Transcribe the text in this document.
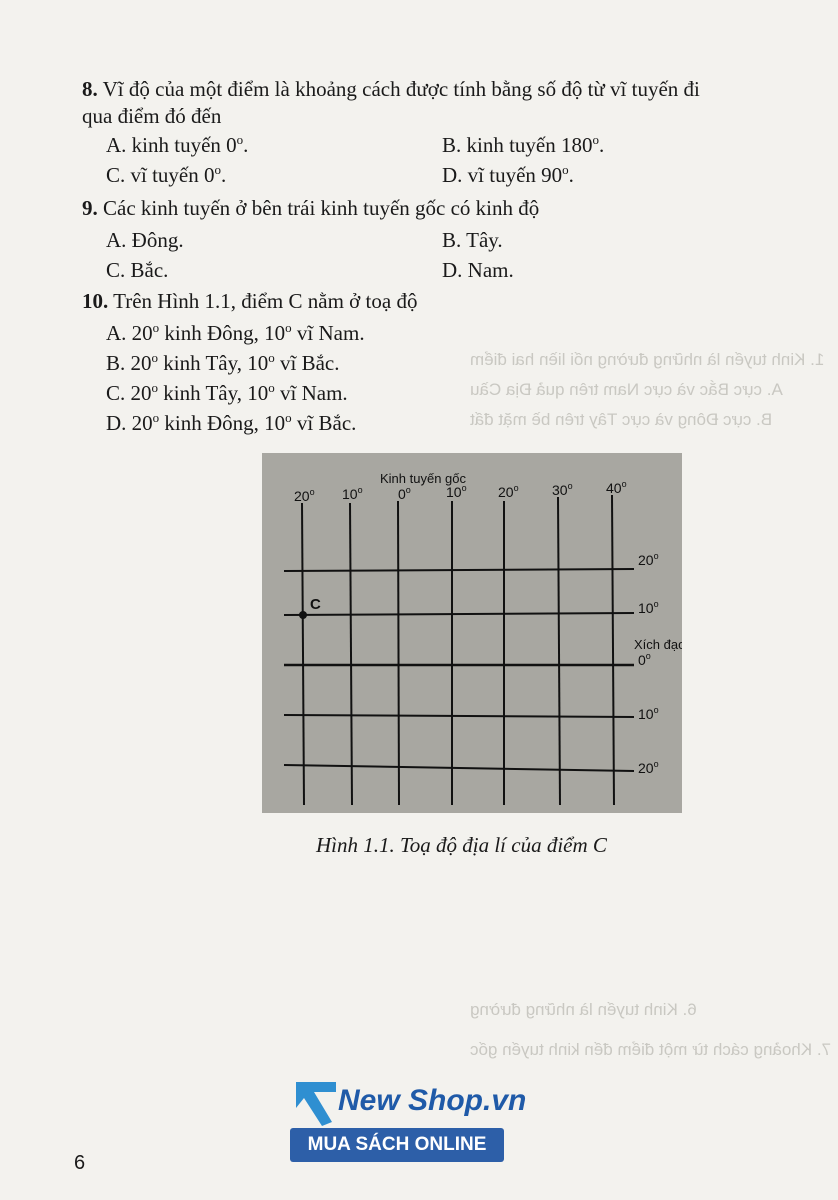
1. Kinh tuyến là những đường nối liền hai điểm
A. cực Bắc và cực Nam trên quả Địa Cầu
B. cực Đông và cực Tây trên bề mặt đất
6. Kinh tuyến là những đường
7. Khoảng cách từ một điểm đến kinh tuyến gốc
8. Vĩ độ của một điểm là khoảng cách được tính bằng số độ từ vĩ tuyến đi
qua điểm đó đến
A. kinh tuyến 0$^o$.	B. kinh tuyến 180$^o$.
C. vĩ tuyến 0$^o$.	D. vĩ tuyến 90$^o$.
9. Các kinh tuyến ở bên trái kinh tuyến gốc có kinh độ
A. Đông.	B. Tây.
C. Bắc.	D. Nam.
10. Trên Hình 1.1, điểm C nằm ở toạ độ
A. 20$^o$ kinh Đông, 10$^o$ vĩ Nam.
B. 20$^o$ kinh Tây, 10$^o$ vĩ Bắc.
C. 20$^o$ kinh Tây, 10$^o$ vĩ Nam.
D. 20$^o$ kinh Đông, 10$^o$ vĩ Bắc.
20$^o$ 10$^o$	0$^o$	10$^o$ 20$^o$ 30$^o$ 40$^o$
Kinh tuyến gốc
20$^o$
10$^o$
Xích đạo
0$^o$
10$^o$
20$^o$
C
Hình 1.1. Toạ độ địa lí của điểm C
6
New Shop.vn
MUA SÁCH ONLINE
